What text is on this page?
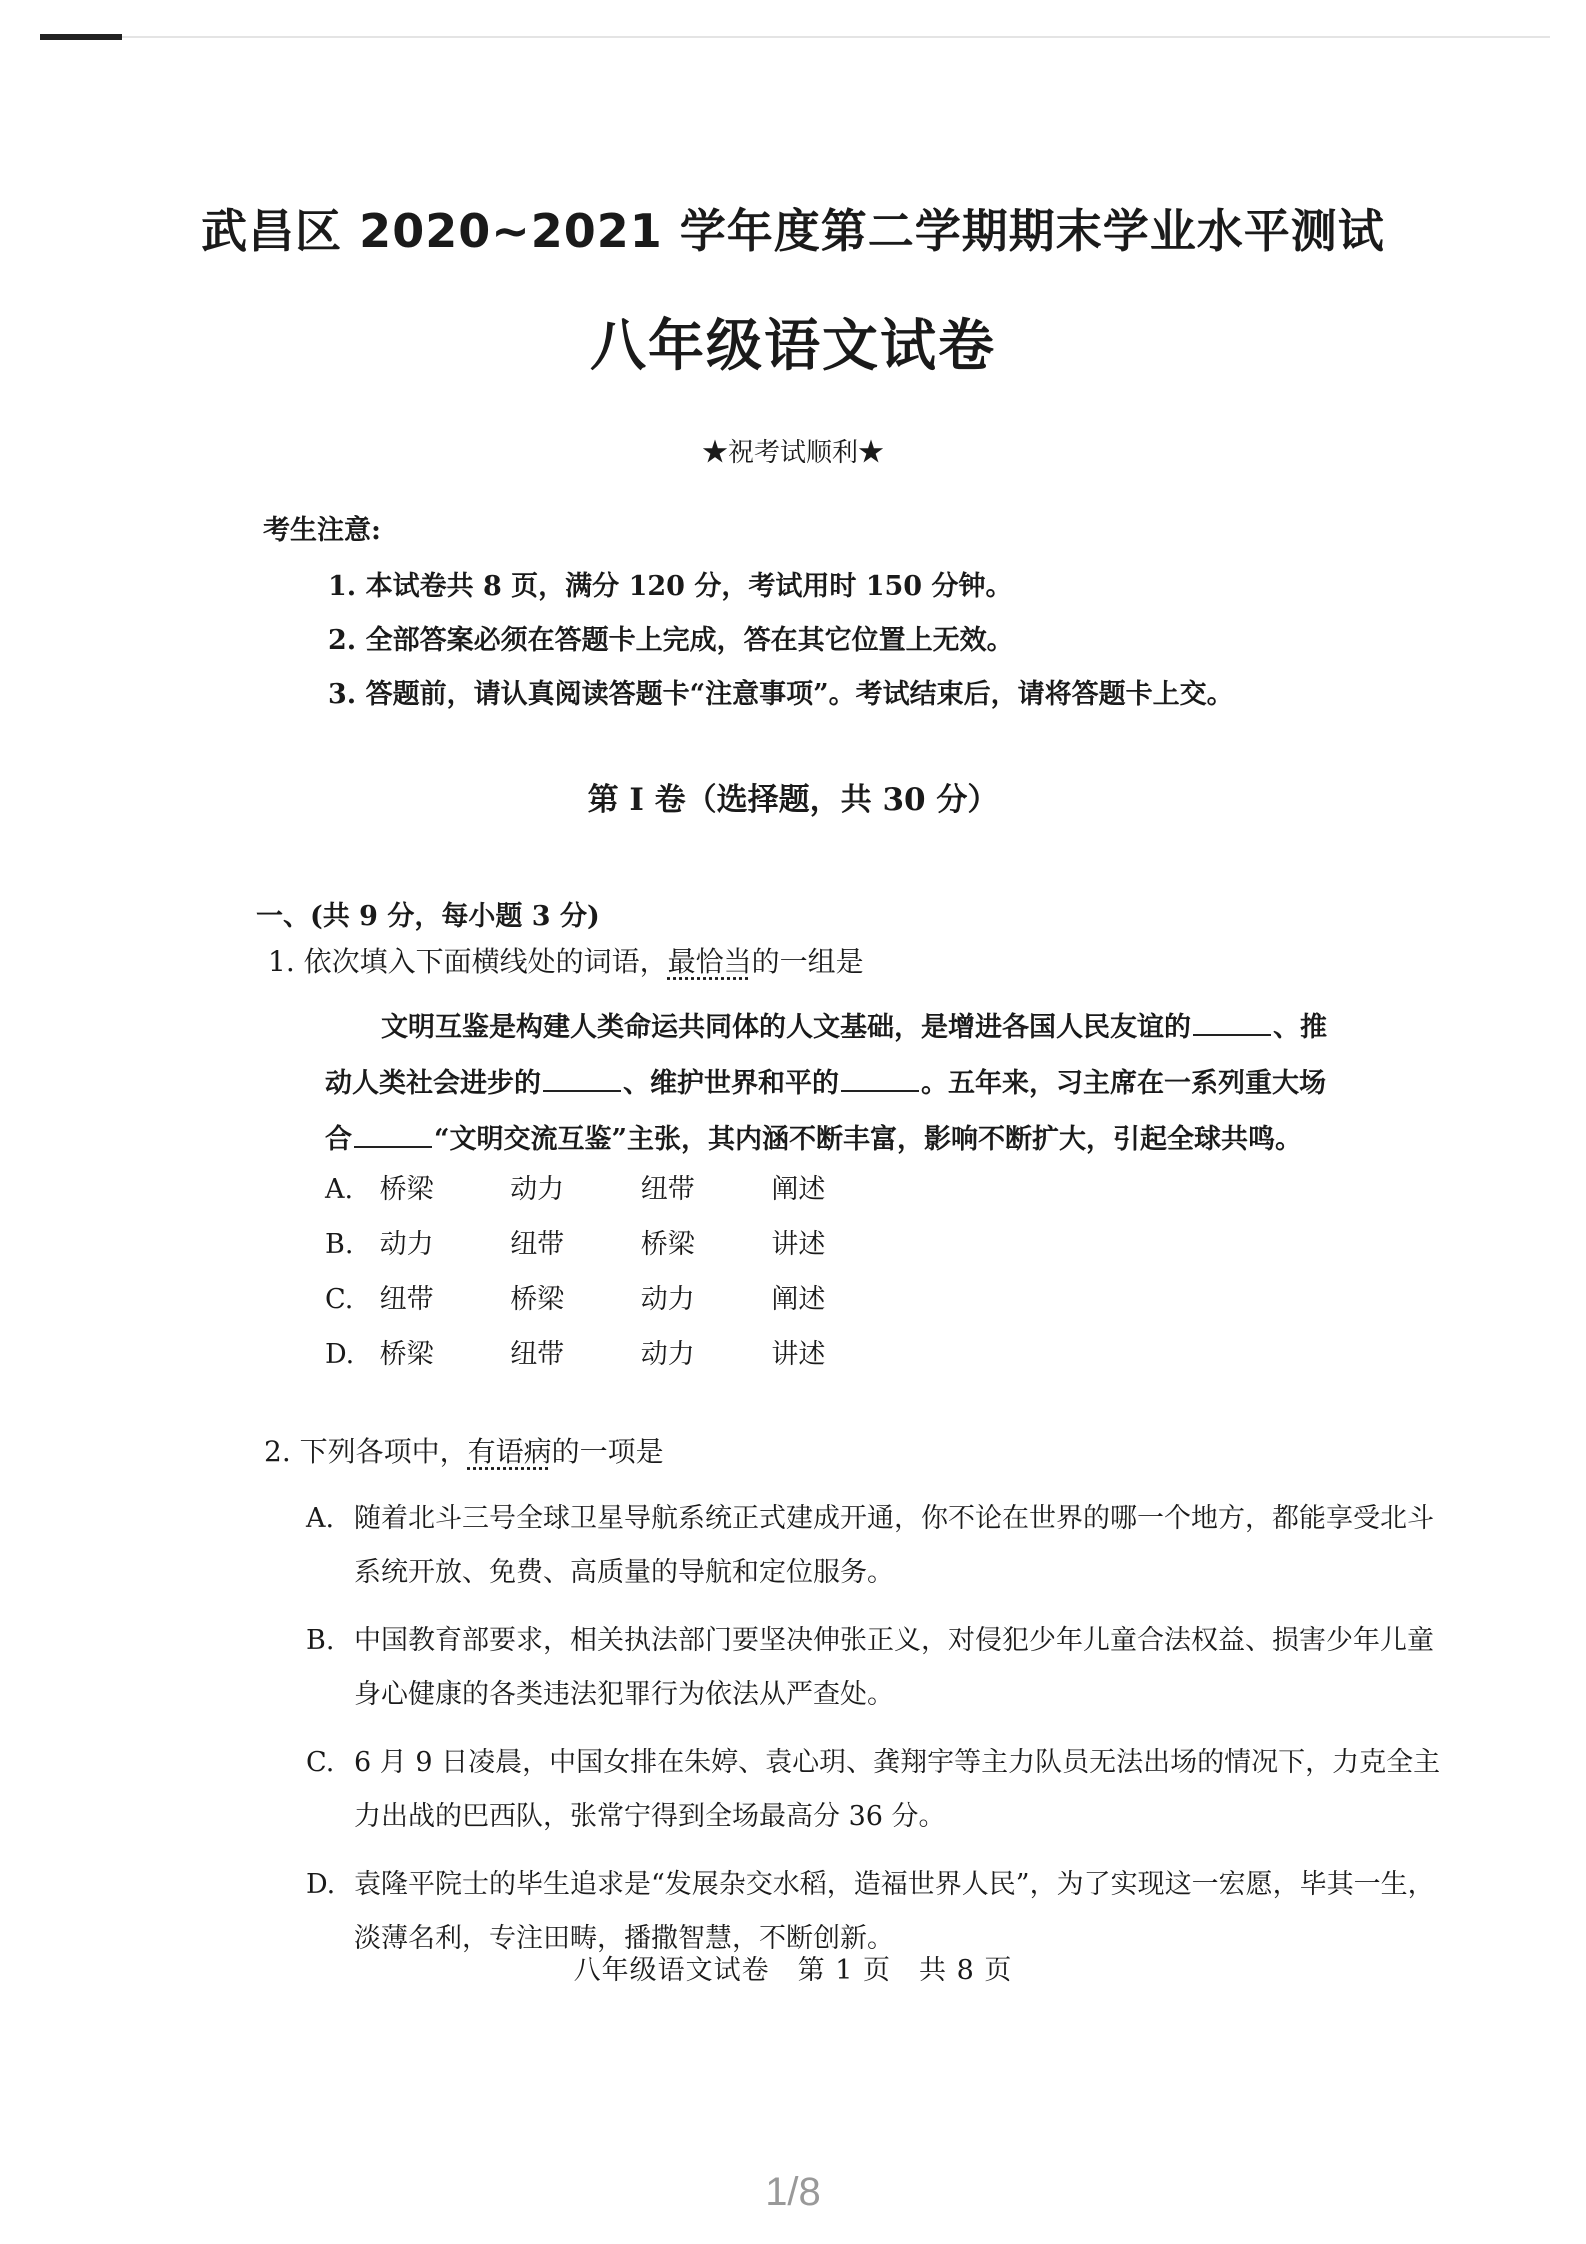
武昌区 2020~2021 学年度第二学期期末学业水平测试
八年级语文试卷
★祝考试顺利★
考生注意:
1. 本试卷共 8 页，满分 120 分，考试用时 150 分钟。
2. 全部答案必须在答题卡上完成，答在其它位置上无效。
3. 答题前，请认真阅读答题卡“注意事项”。考试结束后，请将答题卡上交。
第 I 卷（选择题，共 30 分）
一、(共 9 分，每小题 3 分)
1. 依次填入下面横线处的词语，最恰当的一组是
文明互鉴是构建人类命运共同体的人文基础，是增进各国人民友谊的	、推
动人类社会进步的	、维护世界和平的	。五年来，习主席在一系列重大场
合	“文明交流互鉴”主张，其内涵不断丰富，影响不断扩大，引起全球共鸣。
A. 桥梁	动力	纽带	阐述
B. 动力	纽带	桥梁	讲述
C. 纽带	桥梁	动力	阐述
D. 桥梁	纽带	动力	讲述
2. 下列各项中，有语病的一项是
A. 随着北斗三号全球卫星导航系统正式建成开通，你不论在世界的哪一个地方，都能享受北斗系统开放、免费、高质量的导航和定位服务。
B. 中国教育部要求，相关执法部门要坚决伸张正义，对侵犯少年儿童合法权益、损害少年儿童身心健康的各类违法犯罪行为依法从严查处。
C. 6 月 9 日凌晨，中国女排在朱婷、袁心玥、龚翔宇等主力队员无法出场的情况下，力克全主力出战的巴西队，张常宁得到全场最高分 36 分。
D. 袁隆平院士的毕生追求是“发展杂交水稻，造福世界人民”，为了实现这一宏愿，毕其一生，淡薄名利，专注田畴，播撒智慧，不断创新。
八年级语文试卷　第 1 页　共 8 页
1/8
